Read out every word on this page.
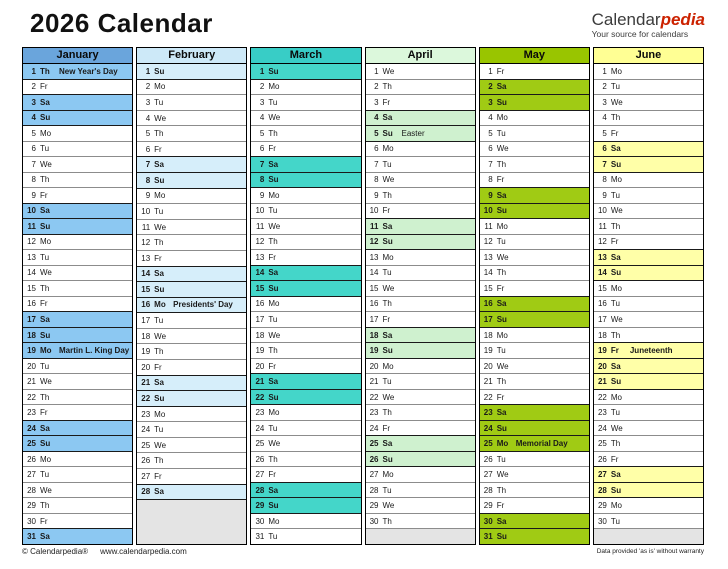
2026 Calendar	Calendarpedia
Your source for calendars
January
1 Th	New Year's Day
2 Fr
3 Sa
4 Su
5 Mo
6 Tu
7 We
8 Th
9 Fr
10 Sa
11 Su
12 Mo
13 Tu
14 We
15 Th
16 Fr
17 Sa
18 Su
19 Mo Martin L. King Day
20 Tu
21 We
22 Th
23 Fr
24 Sa
25 Su
26 Mo
27 Tu
28 We
29 Th
30 Fr
31 Sa
February
1 Su
2 Mo
3 Tu
4 We
5 Th
6 Fr
7 Sa
8 Su
9 Mo
10 Tu
11 We
12 Th
13 Fr
14 Sa
15 Su
16 Mo Presidents' Day
17 Tu
18 We
19 Th
20 Fr
21 Sa
22 Su
23 Mo
24 Tu
25 We
26 Th
27 Fr
28 Sa
March
1 Su
2 Mo
3 Tu
4 We
5 Th
6 Fr
7 Sa
8 Su
9 Mo
10 Tu
11 We
12 Th
13 Fr
14 Sa
15 Su
16 Mo
17 Tu
18 We
19 Th
20 Fr
21 Sa
22 Su
23 Mo
24 Tu
25 We
26 Th
27 Fr
28 Sa
29 Su
30 Mo
31 Tu
April
1 We
2 Th
3 Fr
4 Sa
5 Su	Easter
6 Mo
7 Tu
8 We
9 Th
10 Fr
11 Sa
12 Su
13 Mo
14 Tu
15 We
16 Th
17 Fr
18 Sa
19 Su
20 Mo
21 Tu
22 We
23 Th
24 Fr
25 Sa
26 Su
27 Mo
28 Tu
29 We
30 Th
May
1 Fr
2 Sa
3 Su
4 Mo
5 Tu
6 We
7 Th
8 Fr
9 Sa
10 Su
11 Mo
12 Tu
13 We
14 Th
15 Fr
16 Sa
17 Su
18 Mo
19 Tu
20 We
21 Th
22 Fr
23 Sa
24 Su
25 Mo Memorial Day
26 Tu
27 We
28 Th
29 Fr
30 Sa
31 Su
June
1 Mo
2 Tu
3 We
4 Th
5 Fr
6 Sa
7 Su
8 Mo
9 Tu
10 We
11 Th
12 Fr
13 Sa
14 Su
15 Mo
16 Tu
17 We
18 Th
19 Fr	Juneteenth
20 Sa
21 Su
22 Mo
23 Tu
24 We
25 Th
26 Fr
27 Sa
28 Su
29 Mo
30 Tu
© Calendarpedia® www.calendarpedia.com	Data provided 'as is' without warranty
